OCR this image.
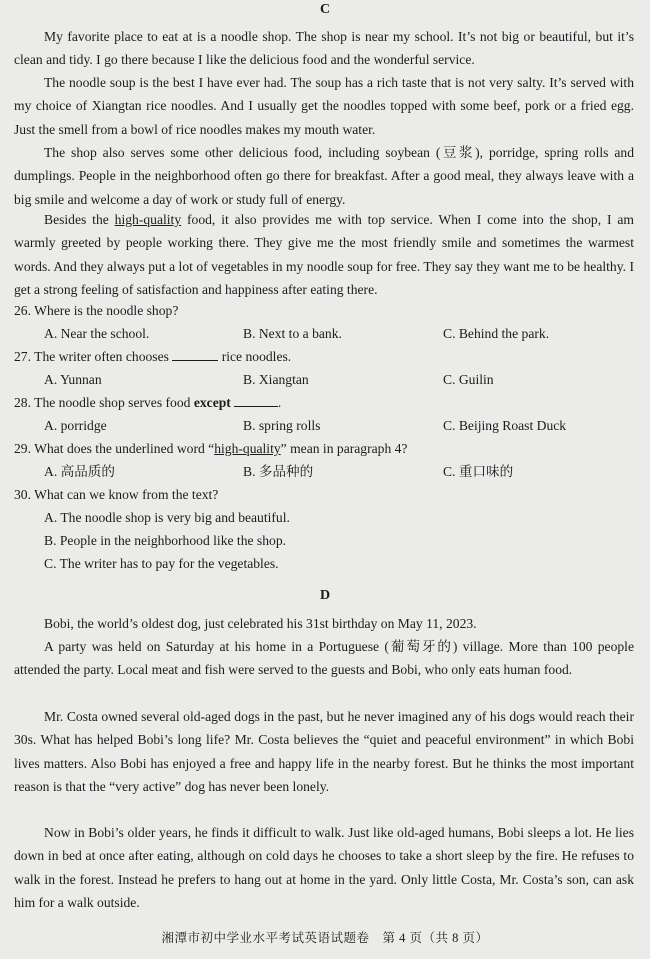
C
My favorite place to eat at is a noodle shop. The shop is near my school. It’s not big or beautiful, but it’s clean and tidy. I go there because I like the delicious food and the wonderful service.
The noodle soup is the best I have ever had. The soup has a rich taste that is not very salty. It’s served with my choice of Xiangtan rice noodles. And I usually get the noodles topped with some beef, pork or a fried egg. Just the smell from a bowl of rice noodles makes my mouth water.
The shop also serves some other delicious food, including soybean (豆浆), porridge, spring rolls and dumplings. People in the neighborhood often go there for breakfast. After a good meal, they always leave with a big smile and welcome a day of work or study full of energy.
Besides the high-quality food, it also provides me with top service. When I come into the shop, I am warmly greeted by people working there. They give me the most friendly smile and sometimes the warmest words. And they always put a lot of vegetables in my noodle soup for free. They say they want me to be healthy. I get a strong feeling of satisfaction and happiness after eating there.
26. Where is the noodle shop?
A. Near the school.	B. Next to a bank.	C. Behind the park.
27. The writer often chooses	rice noodles.
A. Yunnan	B. Xiangtan	C. Guilin
28. The noodle shop serves food except	.
A. porridge	B. spring rolls	C. Beijing Roast Duck
29. What does the underlined word “high-quality” mean in paragraph 4?
A. 高品质的	B. 多品种的	C. 重口味的
30. What can we know from the text?
A. The noodle shop is very big and beautiful.
B. People in the neighborhood like the shop.
C. The writer has to pay for the vegetables.
D
Bobi, the world’s oldest dog, just celebrated his 31st birthday on May 11, 2023.
A party was held on Saturday at his home in a Portuguese (葡萄牙的) village. More than 100 people attended the party. Local meat and fish were served to the guests and Bobi, who only eats human food.
Mr. Costa owned several old-aged dogs in the past, but he never imagined any of his dogs would reach their 30s. What has helped Bobi’s long life? Mr. Costa believes the “quiet and peaceful environment” in which Bobi lives matters. Also Bobi has enjoyed a free and happy life in the nearby forest. But he thinks the most important reason is that the “very active” dog has never been lonely.
Now in Bobi’s older years, he finds it difficult to walk. Just like old-aged humans, Bobi sleeps a lot. He lies down in bed at once after eating, although on cold days he chooses to take a short sleep by the fire. He refuses to walk in the forest. Instead he prefers to hang out at home in the yard. Only little Costa, Mr. Costa’s son, can ask him for a walk outside.
湘潭市初中学业水平考试英语试题卷　第 4 页（共 8 页）
